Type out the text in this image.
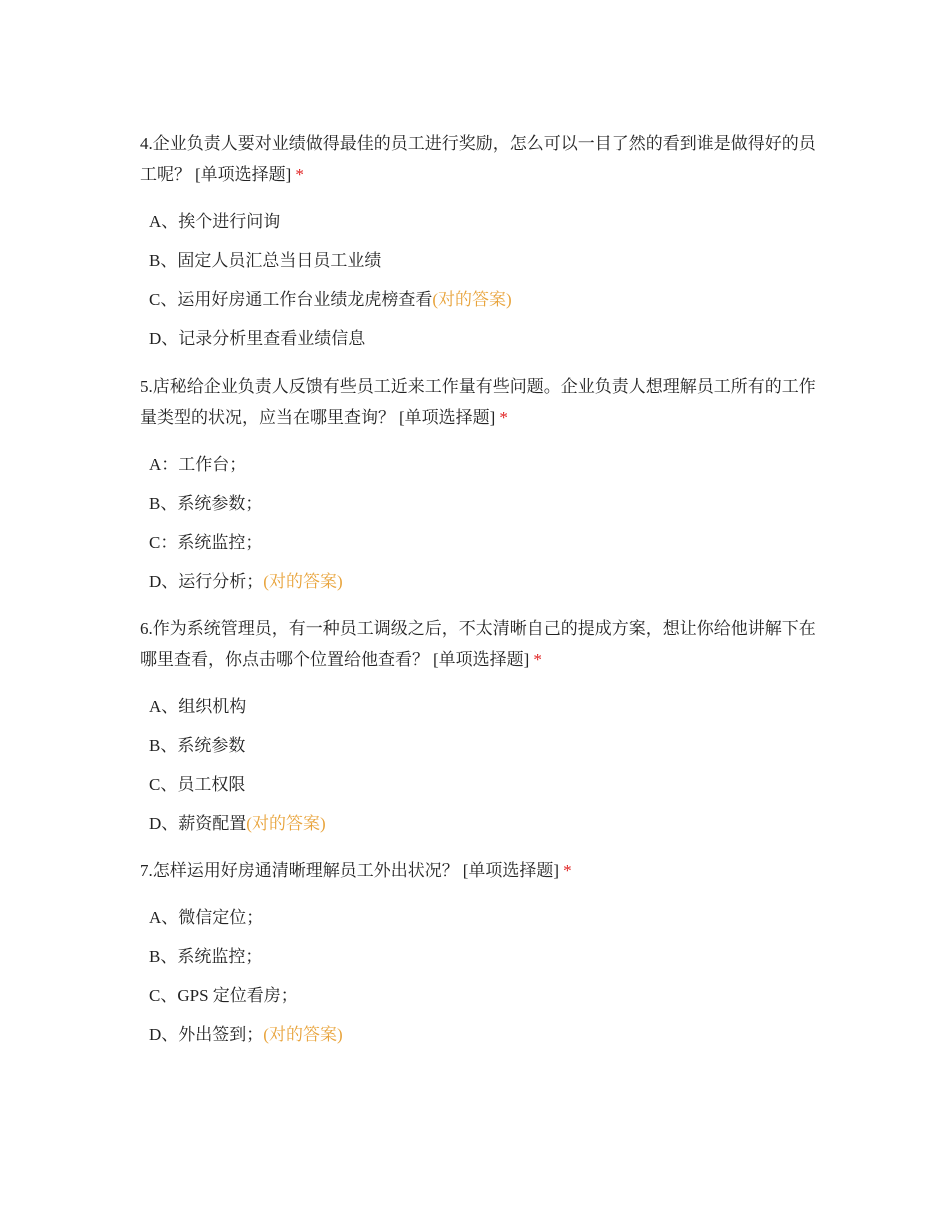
4.企业负责人要对业绩做得最佳的员工进行奖励，怎么可以一目了然的看到谁是做得好的员工呢？ [单项选择题] *

A、挨个进行问询
B、固定人员汇总当日员工业绩
C、运用好房通工作台业绩龙虎榜查看(对的答案)
D、记录分析里查看业绩信息

5.店秘给企业负责人反馈有些员工近来工作量有些问题。企业负责人想理解员工所有的工作量类型的状况，应当在哪里查询？ [单项选择题] *

A：工作台；
B、系统参数；
C：系统监控；
D、运行分析；(对的答案)

6.作为系统管理员，有一种员工调级之后，不太清晰自己的提成方案，想让你给他讲解下在哪里查看，你点击哪个位置给他查看？ [单项选择题] *

A、组织机构
B、系统参数
C、员工权限
D、薪资配置(对的答案)

7.怎样运用好房通清晰理解员工外出状况？ [单项选择题] *

A、微信定位；
B、系统监控；
C、GPS 定位看房；
D、外出签到；(对的答案)
